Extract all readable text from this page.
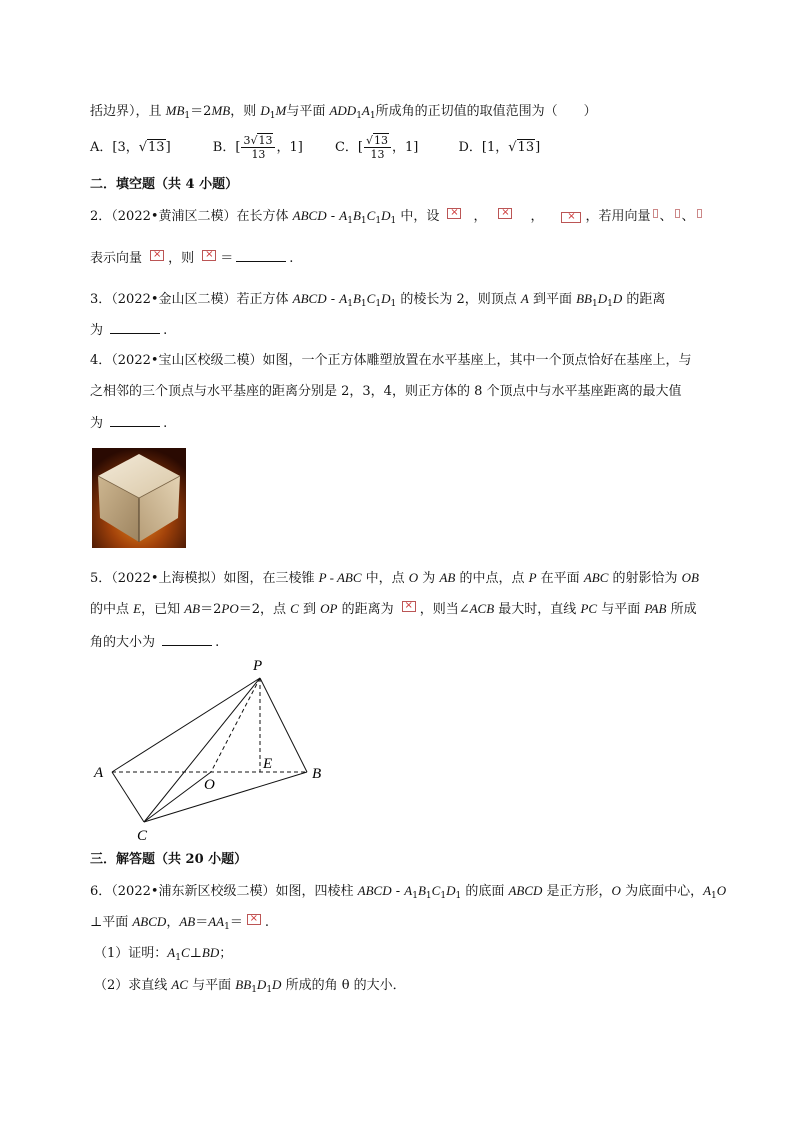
括边界），且 $MB_1=2MB$，则 $D_1M$与平面 $ADD_1A_1$所成角的正切值的取值范围为（　　）
A．[3，√13]	B．[ $\frac{3√13}{13}$ ，1] C．[ $\frac{√13}{13}$ ，1]	D．[1，√13]
二．填空题（共 4 小题）
2．（2022•黄浦区二模）在长方体 ABCD - $A_1B_1C_1D_1$ 中，设 ×，×	，×	，若用向量 、 、
表示向量 ×，则 ×＝	.
3．（2022•金山区二模）若正方体 ABCD - $A_1B_1C_1D_1$ 的棱长为 2，则顶点 A 到平面 $BB_1D_1D$ 的距离
为	.
4．（2022•宝山区校级二模）如图，一个正方体雕塑放置在水平基座上，其中一个顶点恰好在基座上，与
之相邻的三个顶点与水平基座的距离分别是 2，3，4，则正方体的 8 个顶点中与水平基座距离的最大值
为	.
5．（2022•上海模拟）如图，在三棱锥 P - ABC 中，点 O 为 AB 的中点，点 P 在平面 ABC 的射影恰为 OB
的中点 E，已知 AB＝2PO＝2，点 C 到 OP 的距离为 ×，则当∠ACB 最大时，直线 PC 与平面 PAB 所成
角的大小为	.
P
A	B
C
O
E
三．解答题（共 20 小题）
6．（2022•浦东新区校级二模）如图，四棱柱 ABCD - $A_1B_1C_1D_1$ 的底面 ABCD 是正方形，O 为底面中心，$A_1O$
⊥平面 ABCD，$AB=AA_1=\times$ .
（1）证明：$A_1C\perp BD$；
（2）求直线 AC 与平面 $BB_1D_1D$ 所成的角 θ 的大小．
